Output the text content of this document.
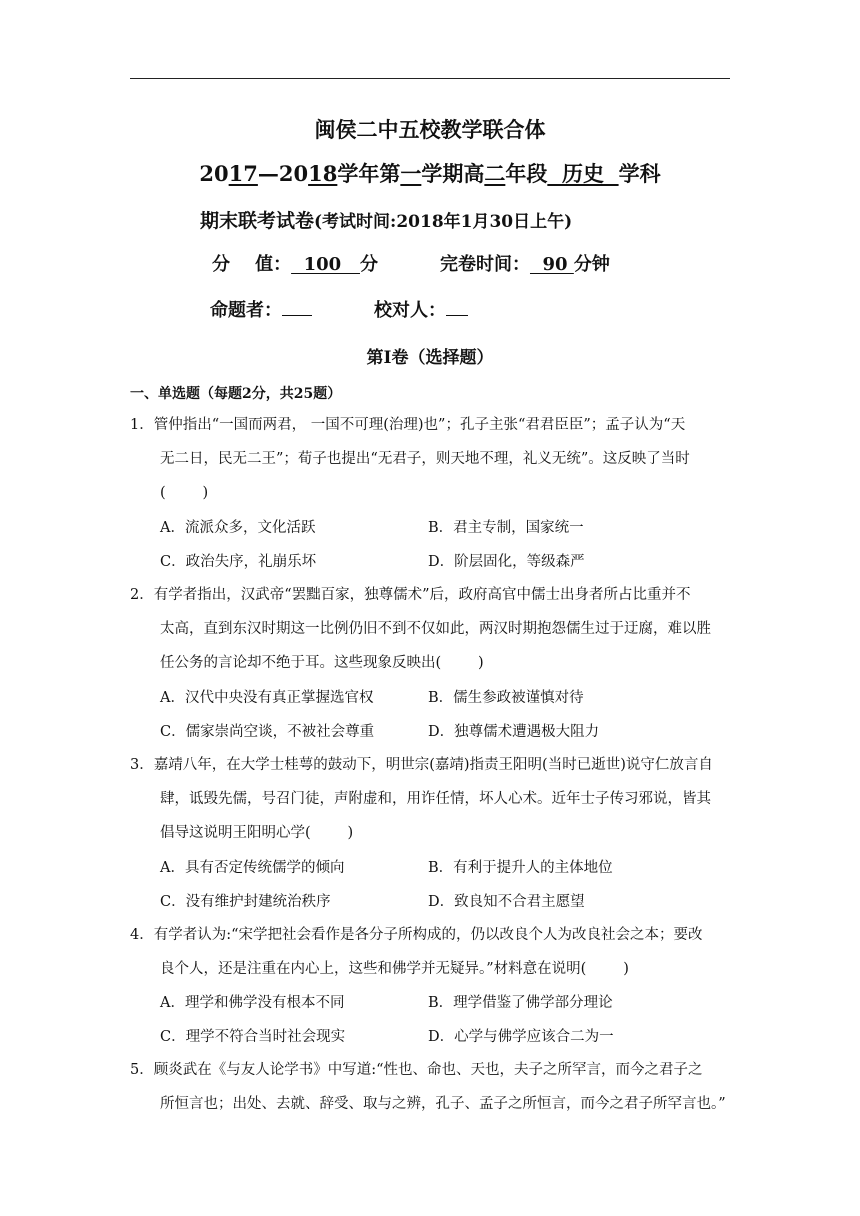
闽侯二中五校教学联合体
2017—2018学年第一学期高二年段  历史  学科
期末联考试卷(考试时间:2018年1月30日上午)
分    值：  100   分	完卷时间：  90 分钟
命题者：	校对人：
第Ⅰ卷（选择题）
一、单选题（每题2分，共25题）
1．管仲指出“一国而两君， 一国不可理(治理)也”；孔子主张“君君臣臣”；孟子认为“天
无二日，民无二王”；荀子也提出“无君子，则天地不理，礼义无统”。这反映了当时
(        )
A．流派众多，文化活跃	B．君主专制，国家统一
C．政治失序，礼崩乐坏	D．阶层固化，等级森严
2．有学者指出，汉武帝“罢黜百家，独尊儒术”后，政府高官中儒士出身者所占比重并不
太高，直到东汉时期这一比例仍旧不到不仅如此，两汉时期抱怨儒生过于迂腐，难以胜
任公务的言论却不绝于耳。这些现象反映出(        )
A．汉代中央没有真正掌握选官权	B．儒生参政被谨慎对待
C．儒家崇尚空谈，不被社会尊重	D．独尊儒术遭遇极大阻力
3．嘉靖八年，在大学士桂萼的鼓动下，明世宗(嘉靖)指责王阳明(当时已逝世)说守仁放言自
肆，诋毁先儒，号召门徒，声附虚和，用诈任情，坏人心术。近年士子传习邪说，皆其
倡导这说明王阳明心学(        )
A．具有否定传统儒学的倾向	B．有利于提升人的主体地位
C．没有维护封建统治秩序	D．致良知不合君主愿望
4．有学者认为:“宋学把社会看作是各分子所构成的，仍以改良个人为改良社会之本；要改
良个人，还是注重在内心上，这些和佛学并无疑异。”材料意在说明(        )
A．理学和佛学没有根本不同	B．理学借鉴了佛学部分理论
C．理学不符合当时社会现实	D．心学与佛学应该合二为一
5．顾炎武在《与友人论学书》中写道:“性也、命也、天也，夫子之所罕言，而今之君子之
所恒言也；出处、去就、辞受、取与之辨，孔子、孟子之所恒言，而今之君子所罕言也。”
